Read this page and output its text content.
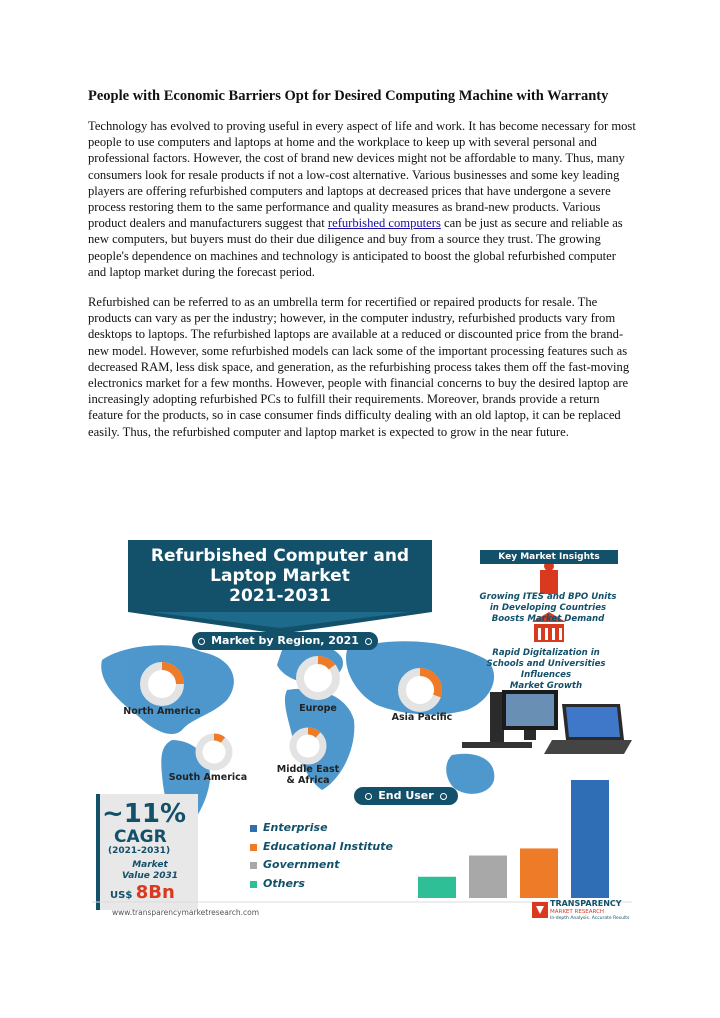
People with Economic Barriers Opt for Desired Computing Machine with Warranty

Technology has evolved to proving useful in every aspect of life and work. It has become necessary for most people to use computers and laptops at home and the workplace to keep up with several personal and professional factors. However, the cost of brand new devices might not be affordable to many. Thus, many consumers look for resale products if not a low-cost alternative. Various businesses and some key leading players are offering refurbished computers and laptops at decreased prices that have undergone a severe process restoring them to the same performance and quality measures as brand-new products. Various product dealers and manufacturers suggest that refurbished computers can be just as secure and reliable as new computers, but buyers must do their due diligence and buy from a source they trust. The growing people's dependence on machines and technology is anticipated to boost the global refurbished computer and laptop market during the forecast period.

Refurbished can be referred to as an umbrella term for recertified or repaired products for resale. The products can vary as per the industry; however, in the computer industry, refurbished products vary from desktops to laptops. The refurbished laptops are available at a reduced or discounted price from the brand-new model. However, some refurbished models can lack some of the important processing features such as decreased RAM, less disk space, and generation, as the refurbishing process takes them off the fast-moving electronics market for a few months. However, people with financial concerns to buy the desired laptop are increasingly adopting refurbished PCs to fulfill their requirements. Moreover, brands provide a return feature for the products, so in case consumer finds difficulty dealing with an old laptop, it can be replaced easily. Thus, the refurbished computer and laptop market is expected to grow in the near future.

Refurbished Computer and
Laptop Market
2021-2031
Market by Region, 2021
North America	Europe
Asia Pacific
South America
Middle East
& Africa
Key Market Insights
Growing ITES and BPO Units
in Developing Countries
Boosts Market Demand
Rapid Digitalization in
Schools and Universities Influences
Market Growth
End User
~11%
CAGR
(2021-2031)
Market
Value 2031
US$ 8Bn
Enterprise
Educational Institute
Government
Others
www.transparencymarketresearch.com
TRANSPARENCY
MARKET RESEARCH
In-depth Analysis. Accurate Results
